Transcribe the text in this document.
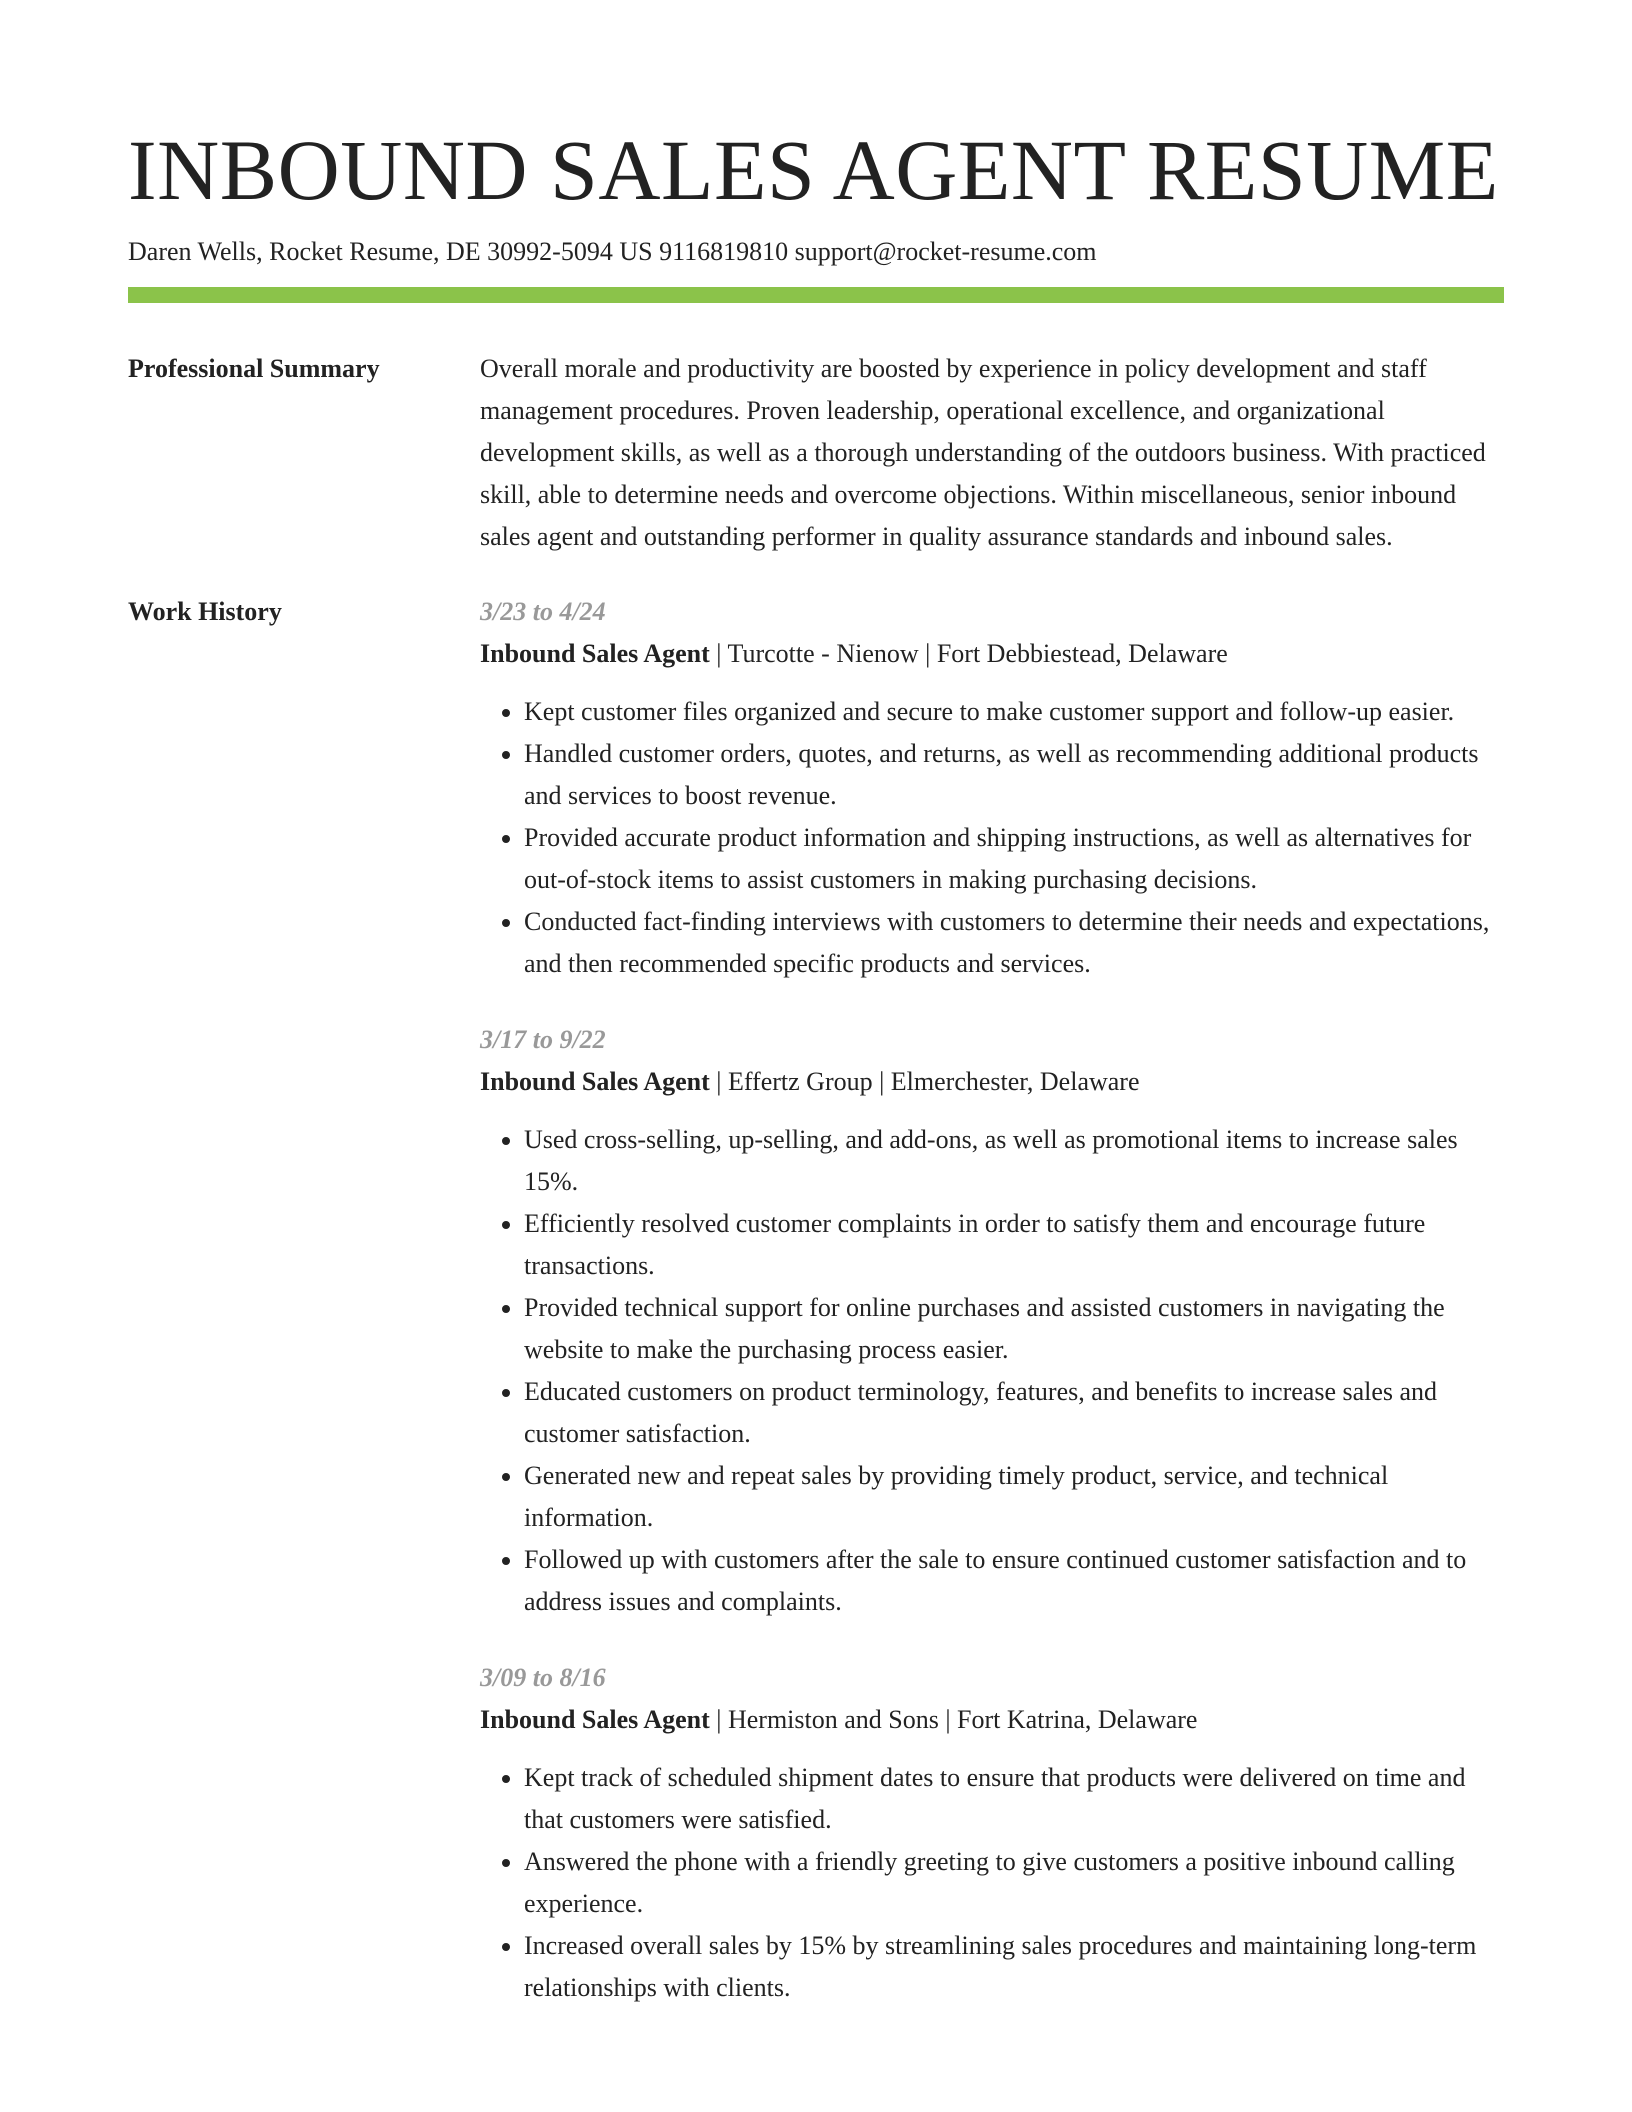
INBOUND SALES AGENT RESUME
Daren Wells, Rocket Resume, DE 30992-5094 US 9116819810 support@rocket-resume.com
Professional Summary	Overall morale and productivity are boosted by experience in policy development and staff management procedures. Proven leadership, operational excellence, and organizational development skills, as well as a thorough understanding of the outdoors business. With practiced skill, able to determine needs and overcome objections. Within miscellaneous, senior inbound sales agent and outstanding performer in quality assurance standards and inbound sales.

Work History	3/23 to 4/24
Inbound Sales Agent | Turcotte - Nienow | Fort Debbiestead, Delaware
• Kept customer files organized and secure to make customer support and follow-up easier.
• Handled customer orders, quotes, and returns, as well as recommending additional products and services to boost revenue.
• Provided accurate product information and shipping instructions, as well as alternatives for out-of-stock items to assist customers in making purchasing decisions.
• Conducted fact-finding interviews with customers to determine their needs and expectations, and then recommended specific products and services.
3/17 to 9/22
Inbound Sales Agent | Effertz Group | Elmerchester, Delaware
• Used cross-selling, up-selling, and add-ons, as well as promotional items to increase sales 15%.
• Efficiently resolved customer complaints in order to satisfy them and encourage future transactions.
• Provided technical support for online purchases and assisted customers in navigating the website to make the purchasing process easier.
• Educated customers on product terminology, features, and benefits to increase sales and customer satisfaction.
• Generated new and repeat sales by providing timely product, service, and technical information.
• Followed up with customers after the sale to ensure continued customer satisfaction and to address issues and complaints.
3/09 to 8/16
Inbound Sales Agent | Hermiston and Sons | Fort Katrina, Delaware
• Kept track of scheduled shipment dates to ensure that products were delivered on time and that customers were satisfied.
• Answered the phone with a friendly greeting to give customers a positive inbound calling experience.
• Increased overall sales by 15% by streamlining sales procedures and maintaining long-term relationships with clients.
